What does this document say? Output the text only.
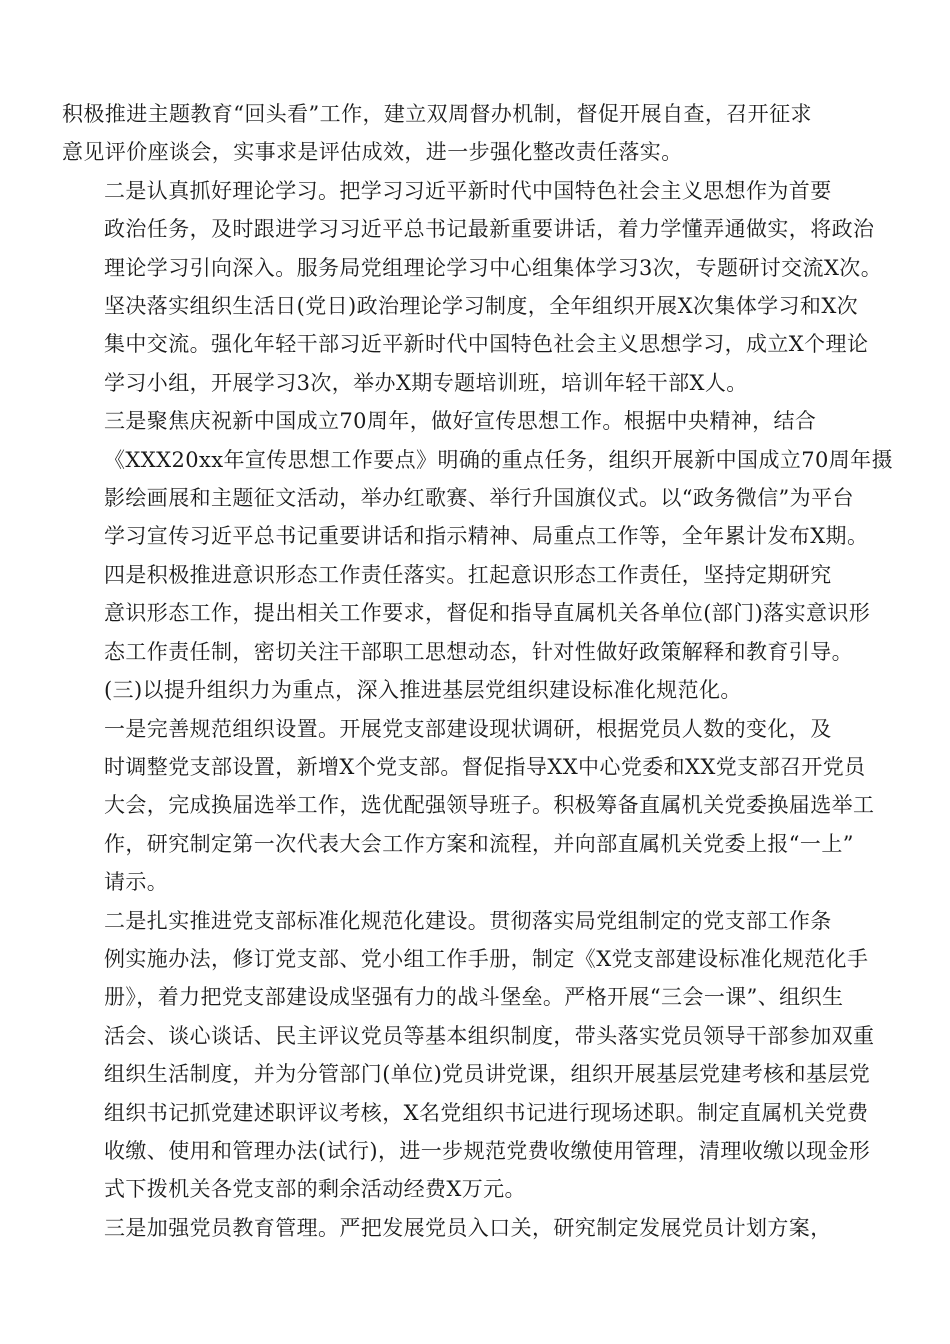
积极推进主题教育“回头看”工作，建立双周督办机制，督促开展自查，召开征求
意见评价座谈会，实事求是评估成效，进一步强化整改责任落实。

二是认真抓好理论学习。把学习习近平新时代中国特色社会主义思想作为首要
政治任务，及时跟进学习习近平总书记最新重要讲话，着力学懂弄通做实，将政治
理论学习引向深入。服务局党组理论学习中心组集体学习3次，专题研讨交流X次。
坚决落实组织生活日(党日)政治理论学习制度，全年组织开展X次集体学习和X次
集中交流。强化年轻干部习近平新时代中国特色社会主义思想学习，成立X个理论
学习小组，开展学习3次，举办X期专题培训班，培训年轻干部X人。

三是聚焦庆祝新中国成立70周年，做好宣传思想工作。根据中央精神，结合
《XXX20xx年宣传思想工作要点》明确的重点任务，组织开展新中国成立70周年摄
影绘画展和主题征文活动，举办红歌赛、举行升国旗仪式。以“政务微信”为平台
学习宣传习近平总书记重要讲话和指示精神、局重点工作等，全年累计发布X期。

四是积极推进意识形态工作责任落实。扛起意识形态工作责任，坚持定期研究
意识形态工作，提出相关工作要求，督促和指导直属机关各单位(部门)落实意识形
态工作责任制，密切关注干部职工思想动态，针对性做好政策解释和教育引导。

(三)以提升组织力为重点，深入推进基层党组织建设标准化规范化。

一是完善规范组织设置。开展党支部建设现状调研，根据党员人数的变化，及
时调整党支部设置，新增X个党支部。督促指导XX中心党委和XX党支部召开党员
大会，完成换届选举工作，选优配强领导班子。积极筹备直属机关党委换届选举工
作，研究制定第一次代表大会工作方案和流程，并向部直属机关党委上报“一上”
请示。

二是扎实推进党支部标准化规范化建设。贯彻落实局党组制定的党支部工作条
例实施办法，修订党支部、党小组工作手册，制定《X党支部建设标准化规范化手
册》，着力把党支部建设成坚强有力的战斗堡垒。严格开展“三会一课”、组织生
活会、谈心谈话、民主评议党员等基本组织制度，带头落实党员领导干部参加双重
组织生活制度，并为分管部门(单位)党员讲党课，组织开展基层党建考核和基层党
组织书记抓党建述职评议考核，X名党组织书记进行现场述职。制定直属机关党费
收缴、使用和管理办法(试行)，进一步规范党费收缴使用管理，清理收缴以现金形
式下拨机关各党支部的剩余活动经费X万元。

三是加强党员教育管理。严把发展党员入口关，研究制定发展党员计划方案，
